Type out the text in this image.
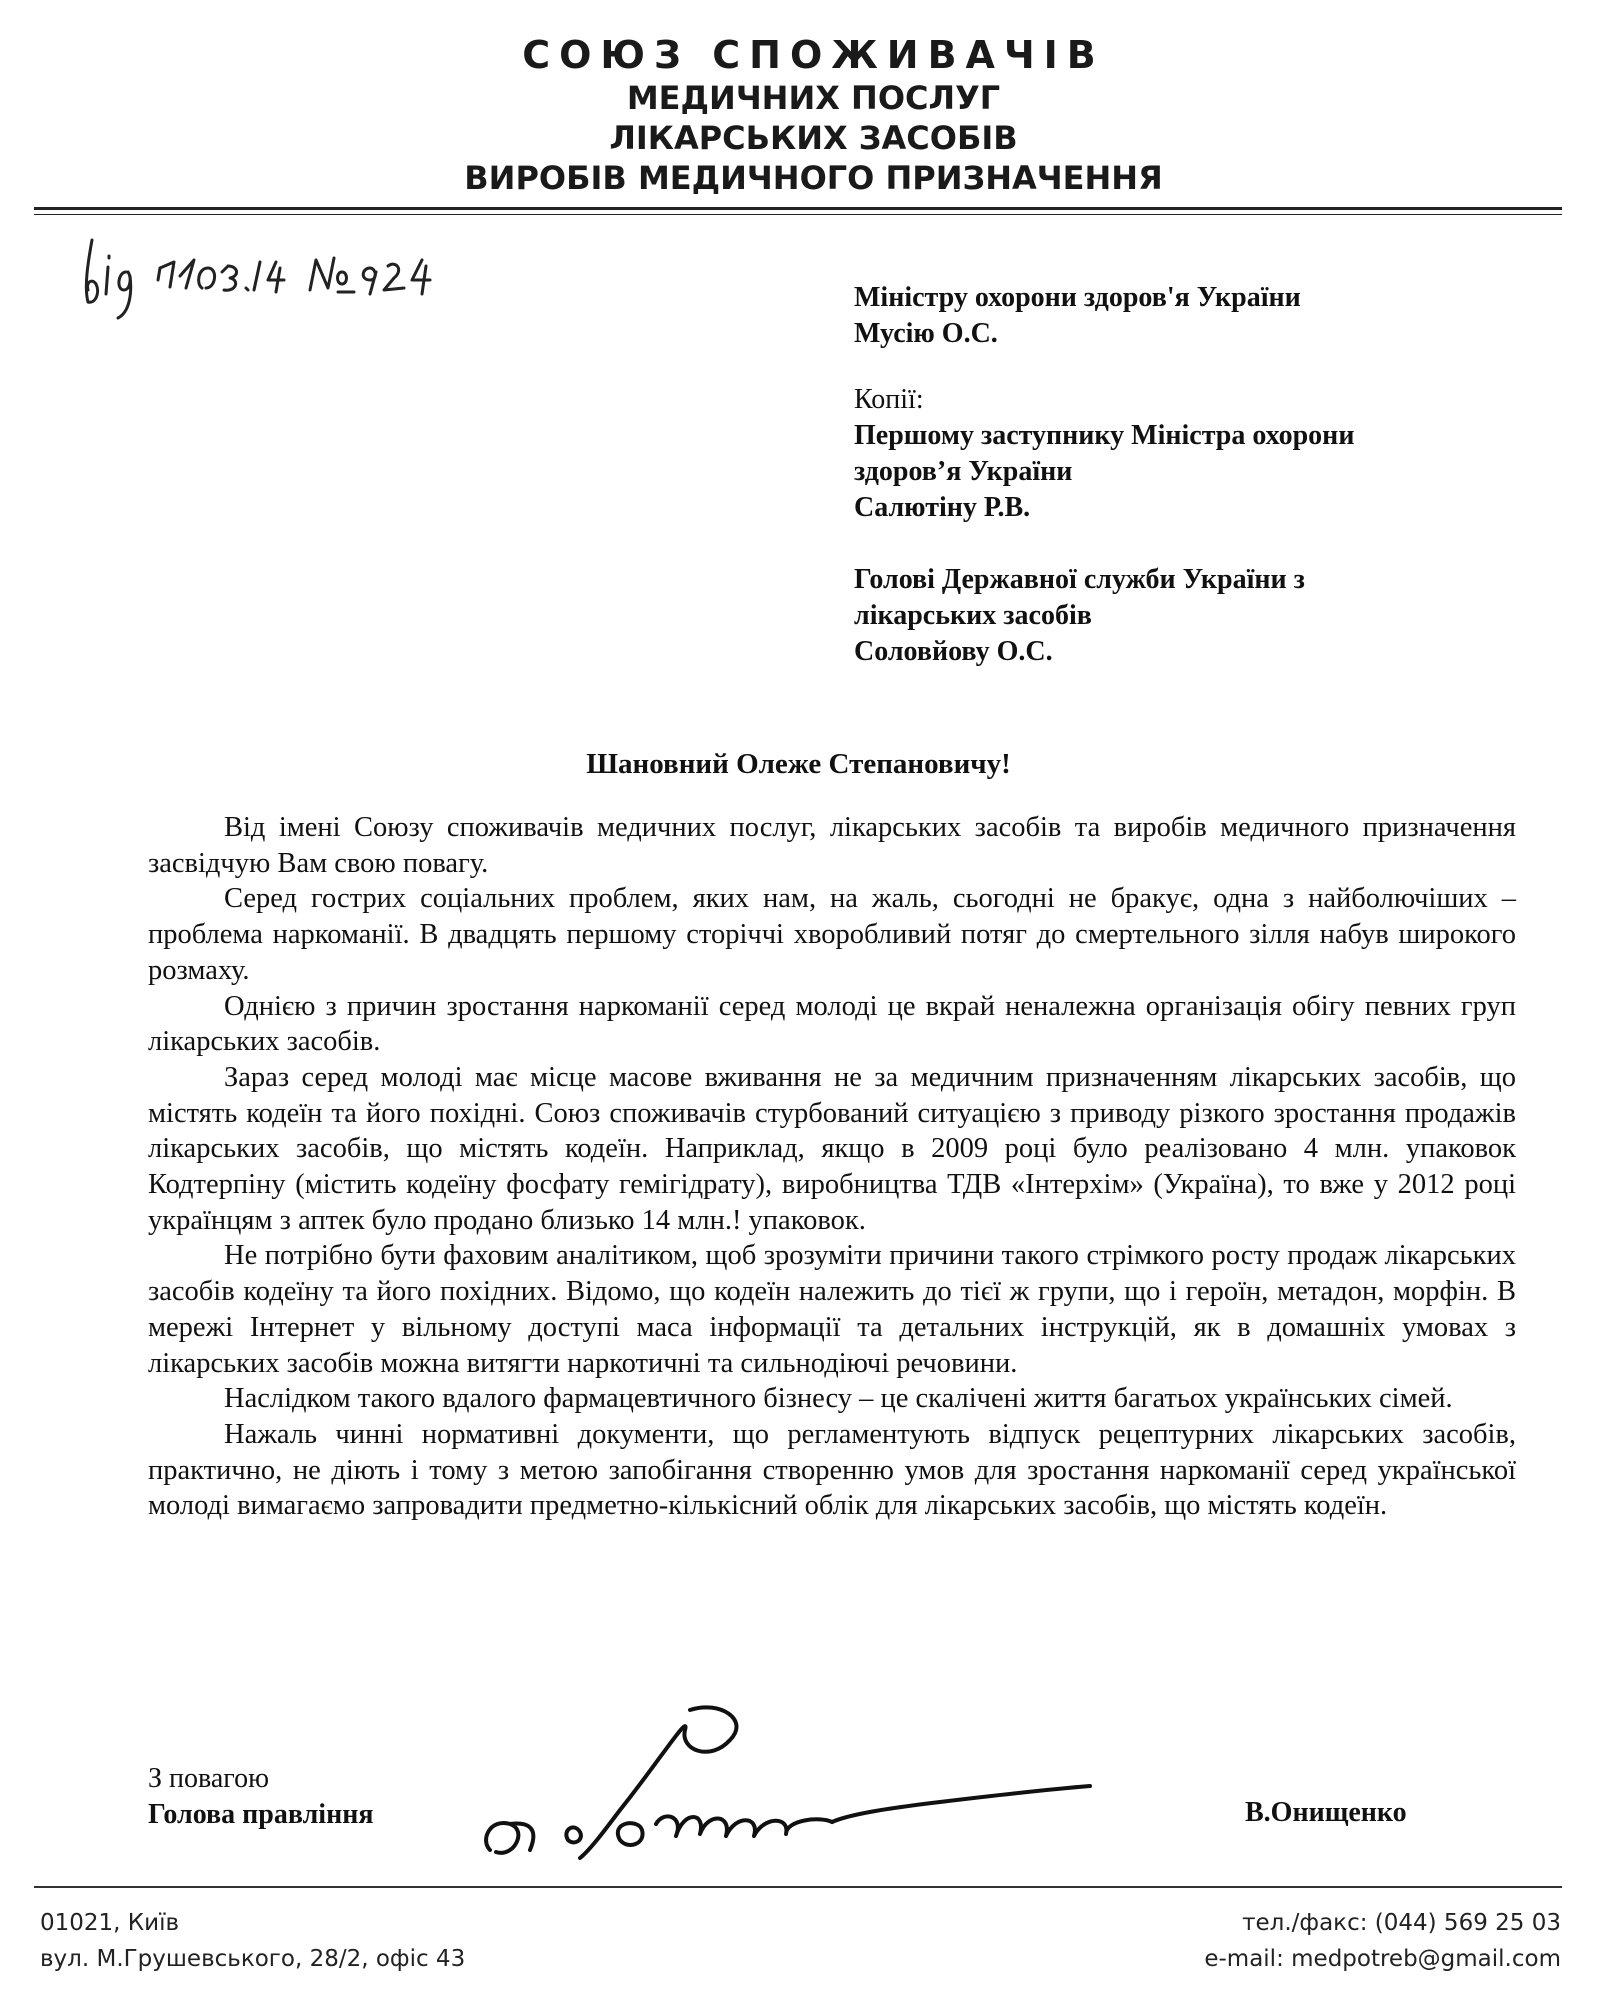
СОЮЗ СПОЖИВАЧІВ
МЕДИЧНИХ ПОСЛУГ
ЛІКАРСЬКИХ ЗАСОБІВ
ВИРОБІВ МЕДИЧНОГО ПРИЗНАЧЕННЯ
Міністру охорони здоров'я України
Мусію О.С.
Копії:
Першому заступнику Міністра охорони
здоров’я України
Салютіну Р.В.
Голові Державної служби України з
лікарських засобів
Соловйову О.С.
Шановний Олеже Степановичу!

Від імені Союзу споживачів медичних послуг, лікарських засобів та виробів медичного призначення засвідчую Вам свою повагу.

Серед гострих соціальних проблем, яких нам, на жаль, сьогодні не бракує, одна з найболючіших – проблема наркоманії. В двадцять першому сторіччі хворобливий потяг до смертельного зілля набув широкого розмаху.

Однією з причин зростання наркоманії серед молоді це вкрай неналежна організація обігу певних груп лікарських засобів.

Зараз серед молоді має місце масове вживання не за медичним призначенням лікарських засобів, що містять кодеїн та його похідні. Союз споживачів стурбований ситуацією з приводу різкого зростання продажів лікарських засобів, що містять кодеїн. Наприклад, якщо в 2009 році було реалізовано 4 млн. упаковок Кодтерпіну (містить кодеїну фосфату гемігідрату), виробництва ТДВ «Інтерхім» (Україна), то вже у 2012 році українцям з аптек було продано близько 14 млн.! упаковок.

Не потрібно бути фаховим аналітиком, щоб зрозуміти причини такого стрімкого росту продаж лікарських засобів кодеїну та його похідних. Відомо, що кодеїн належить до тієї ж групи, що і героїн, метадон, морфін. В мережі Інтернет у вільному доступі маса інформації та детальних інструкцій, як в домашніх умовах з лікарських засобів можна витягти наркотичні та сильнодіючі речовини.

Наслідком такого вдалого фармацевтичного бізнесу – це скалічені життя багатьох українських сімей.

Нажаль чинні нормативні документи, що регламентують відпуск рецептурних лікарських засобів, практично, не діють і тому з метою запобігання створенню умов для зростання наркоманії серед української молоді вимагаємо запровадити предметно-кількісний облік для лікарських засобів, що містять кодеїн.

З повагою
Голова правління	В.Онищенко
01021, Київ
вул. М.Грушевського, 28/2, офіс 43
тел./факс: (044) 569 25 03
e-mail: medpotreb@gmail.com
